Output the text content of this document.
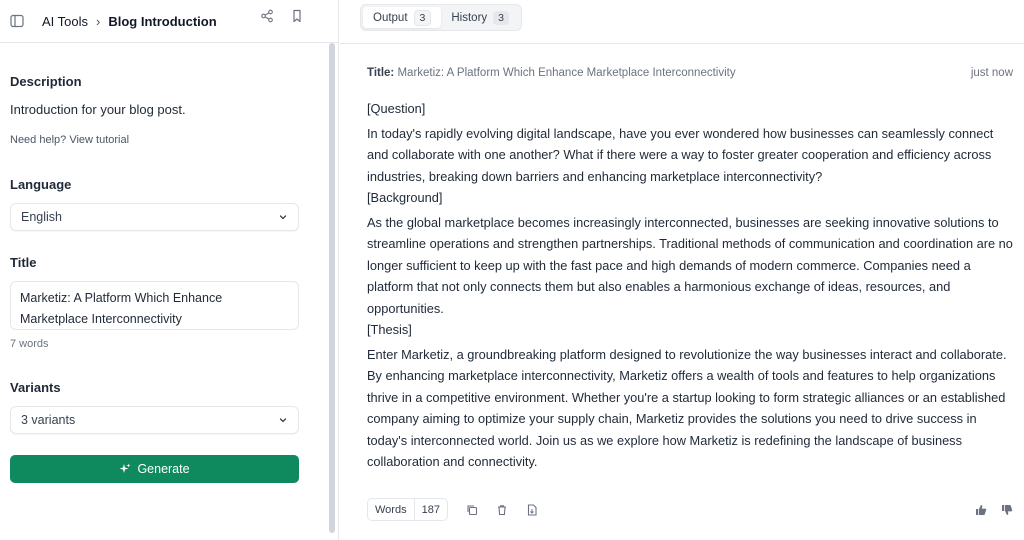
AI Tools › Blog Introduction
Description
Introduction for your blog post.
Need help? View tutorial
Language
English
Title
Marketiz: A Platform Which Enhance Marketplace Interconnectivity
7 words
Variants
3 variants
Generate
Output	3	History	3
Title: Marketiz: A Platform Which Enhance Marketplace Interconnectivity	just now

[Question]

In today's rapidly evolving digital landscape, have you ever wondered how businesses can seamlessly connect and collaborate with one another? What if there were a way to foster greater cooperation and efficiency across industries, breaking down barriers and enhancing marketplace interconnectivity?

[Background]

As the global marketplace becomes increasingly interconnected, businesses are seeking innovative solutions to streamline operations and strengthen partnerships. Traditional methods of communication and coordination are no longer sufficient to keep up with the fast pace and high demands of modern commerce. Companies need a platform that not only connects them but also enables a harmonious exchange of ideas, resources, and opportunities.

[Thesis]

Enter Marketiz, a groundbreaking platform designed to revolutionize the way businesses interact and collaborate. By enhancing marketplace interconnectivity, Marketiz offers a wealth of tools and features to help organizations thrive in a competitive environment. Whether you're a startup looking to form strategic alliances or an established company aiming to optimize your supply chain, Marketiz provides the solutions you need to drive success in today's interconnected world. Join us as we explore how Marketiz is redefining the landscape of business collaboration and connectivity.

Words	187
